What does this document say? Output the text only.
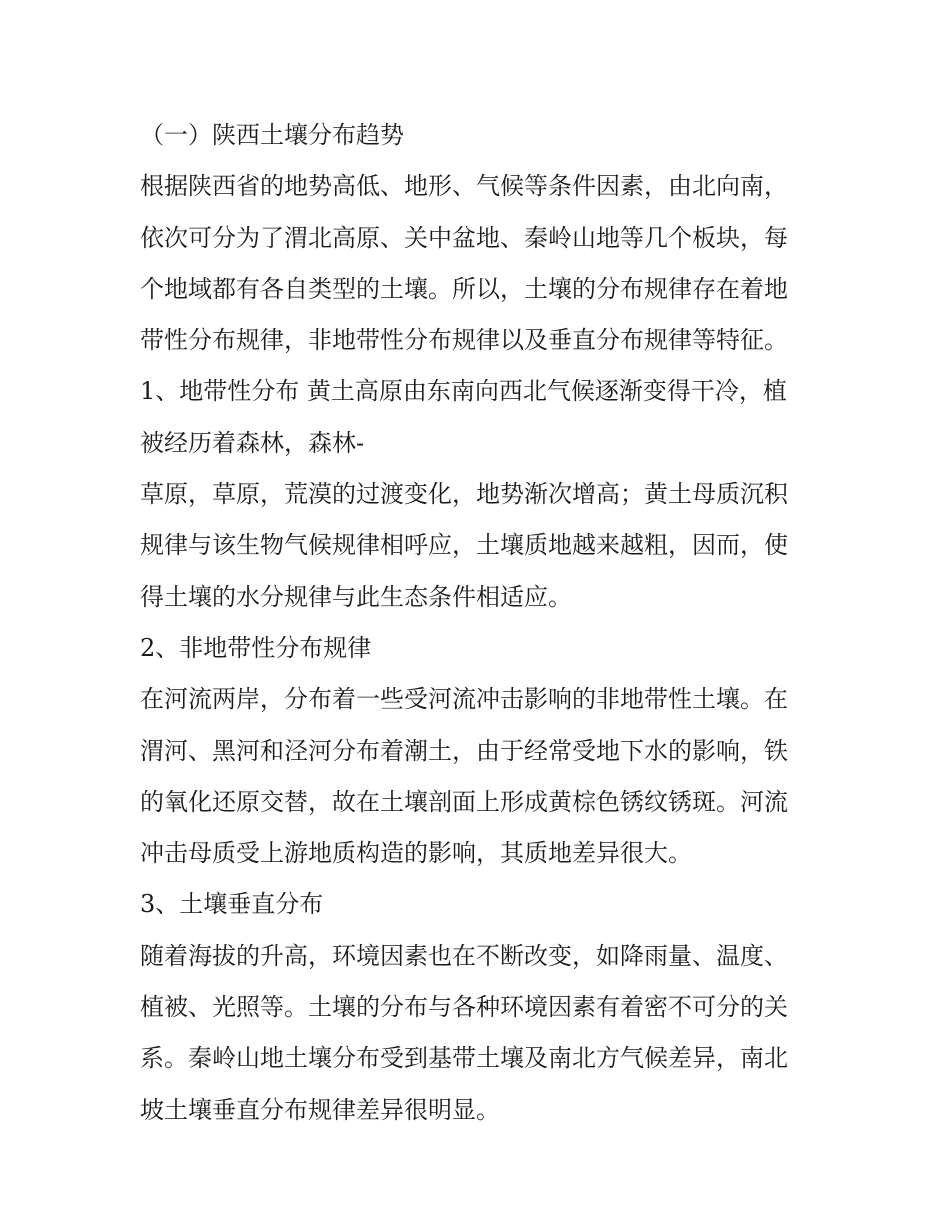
（一）陕西土壤分布趋势
根据陕西省的地势高低、地形、气候等条件因素，由北向南，
依次可分为了渭北高原、关中盆地、秦岭山地等几个板块，每
个地域都有各自类型的土壤。所以，土壤的分布规律存在着地
带性分布规律，非地带性分布规律以及垂直分布规律等特征。
1、地带性分布 黄土高原由东南向西北气候逐渐变得干冷，植
被经历着森林，森林-
草原，草原，荒漠的过渡变化，地势渐次增高；黄土母质沉积
规律与该生物气候规律相呼应，土壤质地越来越粗，因而，使
得土壤的水分规律与此生态条件相适应。
2、非地带性分布规律
在河流两岸，分布着一些受河流冲击影响的非地带性土壤。在
渭河、黑河和泾河分布着潮土，由于经常受地下水的影响，铁
的氧化还原交替，故在土壤剖面上形成黄棕色锈纹锈斑。河流
冲击母质受上游地质构造的影响，其质地差异很大。
3、土壤垂直分布
随着海拔的升高，环境因素也在不断改变，如降雨量、温度、
植被、光照等。土壤的分布与各种环境因素有着密不可分的关
系。秦岭山地土壤分布受到基带土壤及南北方气候差异，南北
坡土壤垂直分布规律差异很明显。
